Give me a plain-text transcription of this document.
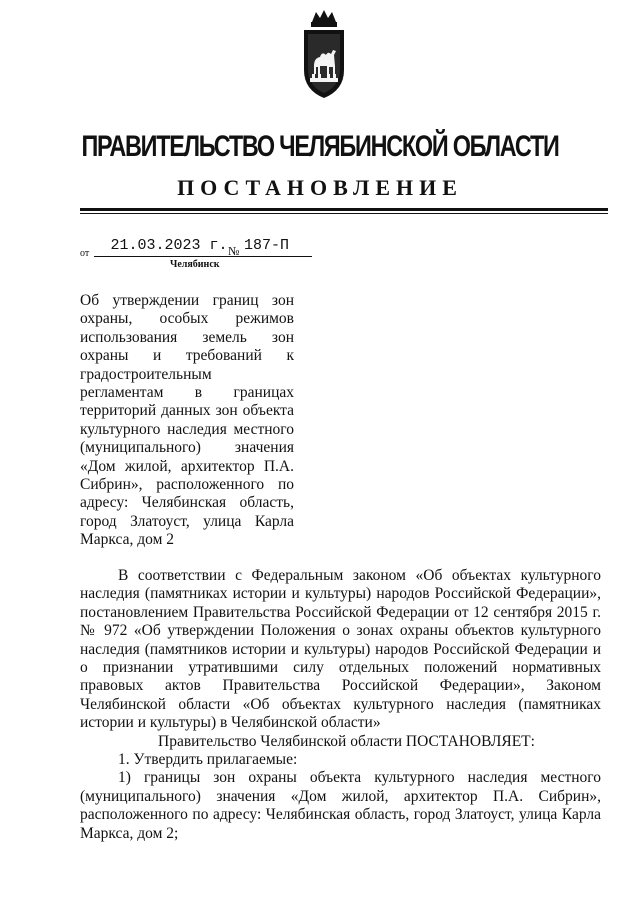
ПРАВИТЕЛЬСТВО ЧЕЛЯБИНСКОЙ ОБЛАСТИ
ПОСТАНОВЛЕНИЕ
от	21.03.2023 г. № 187-П
Челябинск

Об утверждении границ зон охраны, особых режимов использования земель зон охраны и требований к градостроительным регламентам в границах территорий данных зон объекта культурного наследия местного (муниципального) значения «Дом жилой, архитектор П.А. Сибрин», расположенного по адресу: Челябинская область, город Златоуст, улица Карла Маркса, дом 2

В соответствии с Федеральным законом «Об объектах культурного наследия (памятниках истории и культуры) народов Российской Федерации», постановлением Правительства Российской Федерации от 12 сентября 2015 г. № 972 «Об утверждении Положения о зонах охраны объектов культурного наследия (памятников истории и культуры) народов Российской Федерации и о признании утратившими силу отдельных положений нормативных правовых актов Правительства Российской Федерации», Законом Челябинской области «Об объектах культурного наследия (памятниках истории и культуры) в Челябинской области»

Правительство Челябинской области ПОСТАНОВЛЯЕТ:

1. Утвердить прилагаемые:

1) границы зон охраны объекта культурного наследия местного (муниципального) значения «Дом жилой, архитектор П.А. Сибрин», расположенного по адресу: Челябинская область, город Златоуст, улица Карла Маркса, дом 2;
